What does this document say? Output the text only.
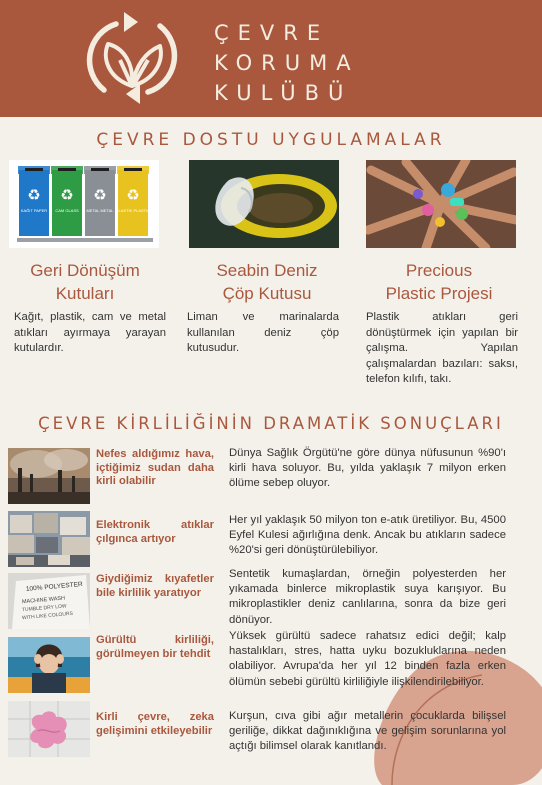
ÇEVRE
KORUMA
KULÜBÜ
ÇEVRE DOSTU UYGULAMALAR
♻
KAĞIT PAPER
♻
CAM GLASS
♻
METAL METAL
♻
PLASTİK PLASTIC
Geri Dönüşüm
Kutuları
Kağıt, plastik, cam ve metal atıkları ayırmaya yarayan kutulardır.
Seabin Deniz
Çöp Kutusu
Liman ve marinalarda kullanılan deniz çöp kutusudur.
Precious
Plastic Projesi
Plastik atıkları geri dönüştürmek için yapılan bir çalışma. Yapılan çalışmalardan bazıları: saksı, telefon kılıfı, takı.
ÇEVRE KİRLİLİĞİNİN DRAMATİK SONUÇLARI
Nefes aldığımız hava, içtiğimiz sudan daha kirli olabilir
Dünya Sağlık Örgütü'ne göre dünya nüfusunun %90'ı kirli hava soluyor. Bu, yılda yaklaşık 7 milyon erken ölüme sebep oluyor.
Elektronik atıklar çılgınca artıyor
Her yıl yaklaşık 50 milyon ton e-atık üretiliyor. Bu, 4500 Eyfel Kulesi ağırlığına denk. Ancak bu atıkların sadece %20'si geri dönüştürülebiliyor.
100% POLYESTER
MACHINE WASH
TUMBLE DRY LOW
WITH LIKE COLOURS
Giydiğimiz kıyafetler bile kirlilik yaratıyor
Sentetik kumaşlardan, örneğin polyesterden her yıkamada binlerce mikroplastik suya karışıyor. Bu mikroplastikler deniz canlılarına, sonra da bize geri dönüyor.
Gürültü kirliliği, görülmeyen bir tehdit
Yüksek gürültü sadece rahatsız edici değil; kalp hastalıkları, stres, hatta uyku bozukluklarına neden olabiliyor. Avrupa'da her yıl 12 binden fazla erken ölümün sebebi gürültü kirliliğiyle ilişkilendirilebiliyor.
Kirli çevre, zeka gelişimini etkileyebilir
Kurşun, cıva gibi ağır metallerin çocuklarda bilişsel geriliğe, dikkat dağınıklığına ve gelişim sorunlarına yol açtığı bilimsel olarak kanıtlandı.
